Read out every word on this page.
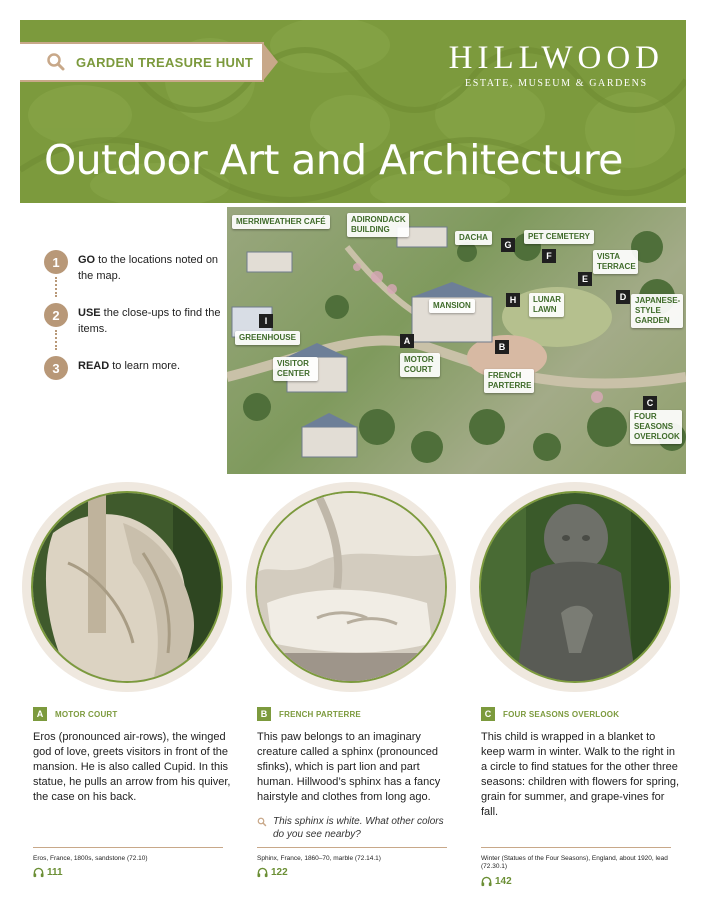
GARDEN TREASURE HUNT	HILLWOOD
ESTATE, MUSEUM & GARDENS
Outdoor Art and Architecture
1	GO to the locations noted on the map.
2	USE the close-ups to find the items.
3	READ to learn more.
MERRIWEATHER CAFÉ	ADIRONDACK BUILDING
DACHA	PET CEMETERY
VISTA TERRACE
JAPANESE-STYLE GARDEN
MANSION
LUNAR LAWN
GREENHOUSE
MOTOR COURT
VISITOR CENTER	FRENCH PARTERRE
FOUR SEASONS OVERLOOK
G
F
E
D
H
I
A
B
C
A	MOTOR COURT
Eros (pronounced air-rows), the winged god of love, greets visitors in front of the mansion. He is also called Cupid. In this statue, he pulls an arrow from his quiver, the case on his back.
B	FRENCH PARTERRE
This paw belongs to an imaginary creature called a sphinx (pronounced sfinks), which is part lion and part human. Hillwood’s sphinx has a fancy hairstyle and clothes from long ago.
This sphinx is white. What other colors do you see nearby?
C	FOUR SEASONS OVERLOOK
This child is wrapped in a blanket to keep warm in winter. Walk to the right in a circle to find statues for the other three seasons: children with flowers for spring, grain for summer, and grape-vines for fall.
Eros, France, 1800s, sandstone (72.10)	Sphinx, France, 1860–70, marble (72.14.1)	Winter (Statues of the Four Seasons), England, about 1920, lead (72.30.1)
111	122
142
